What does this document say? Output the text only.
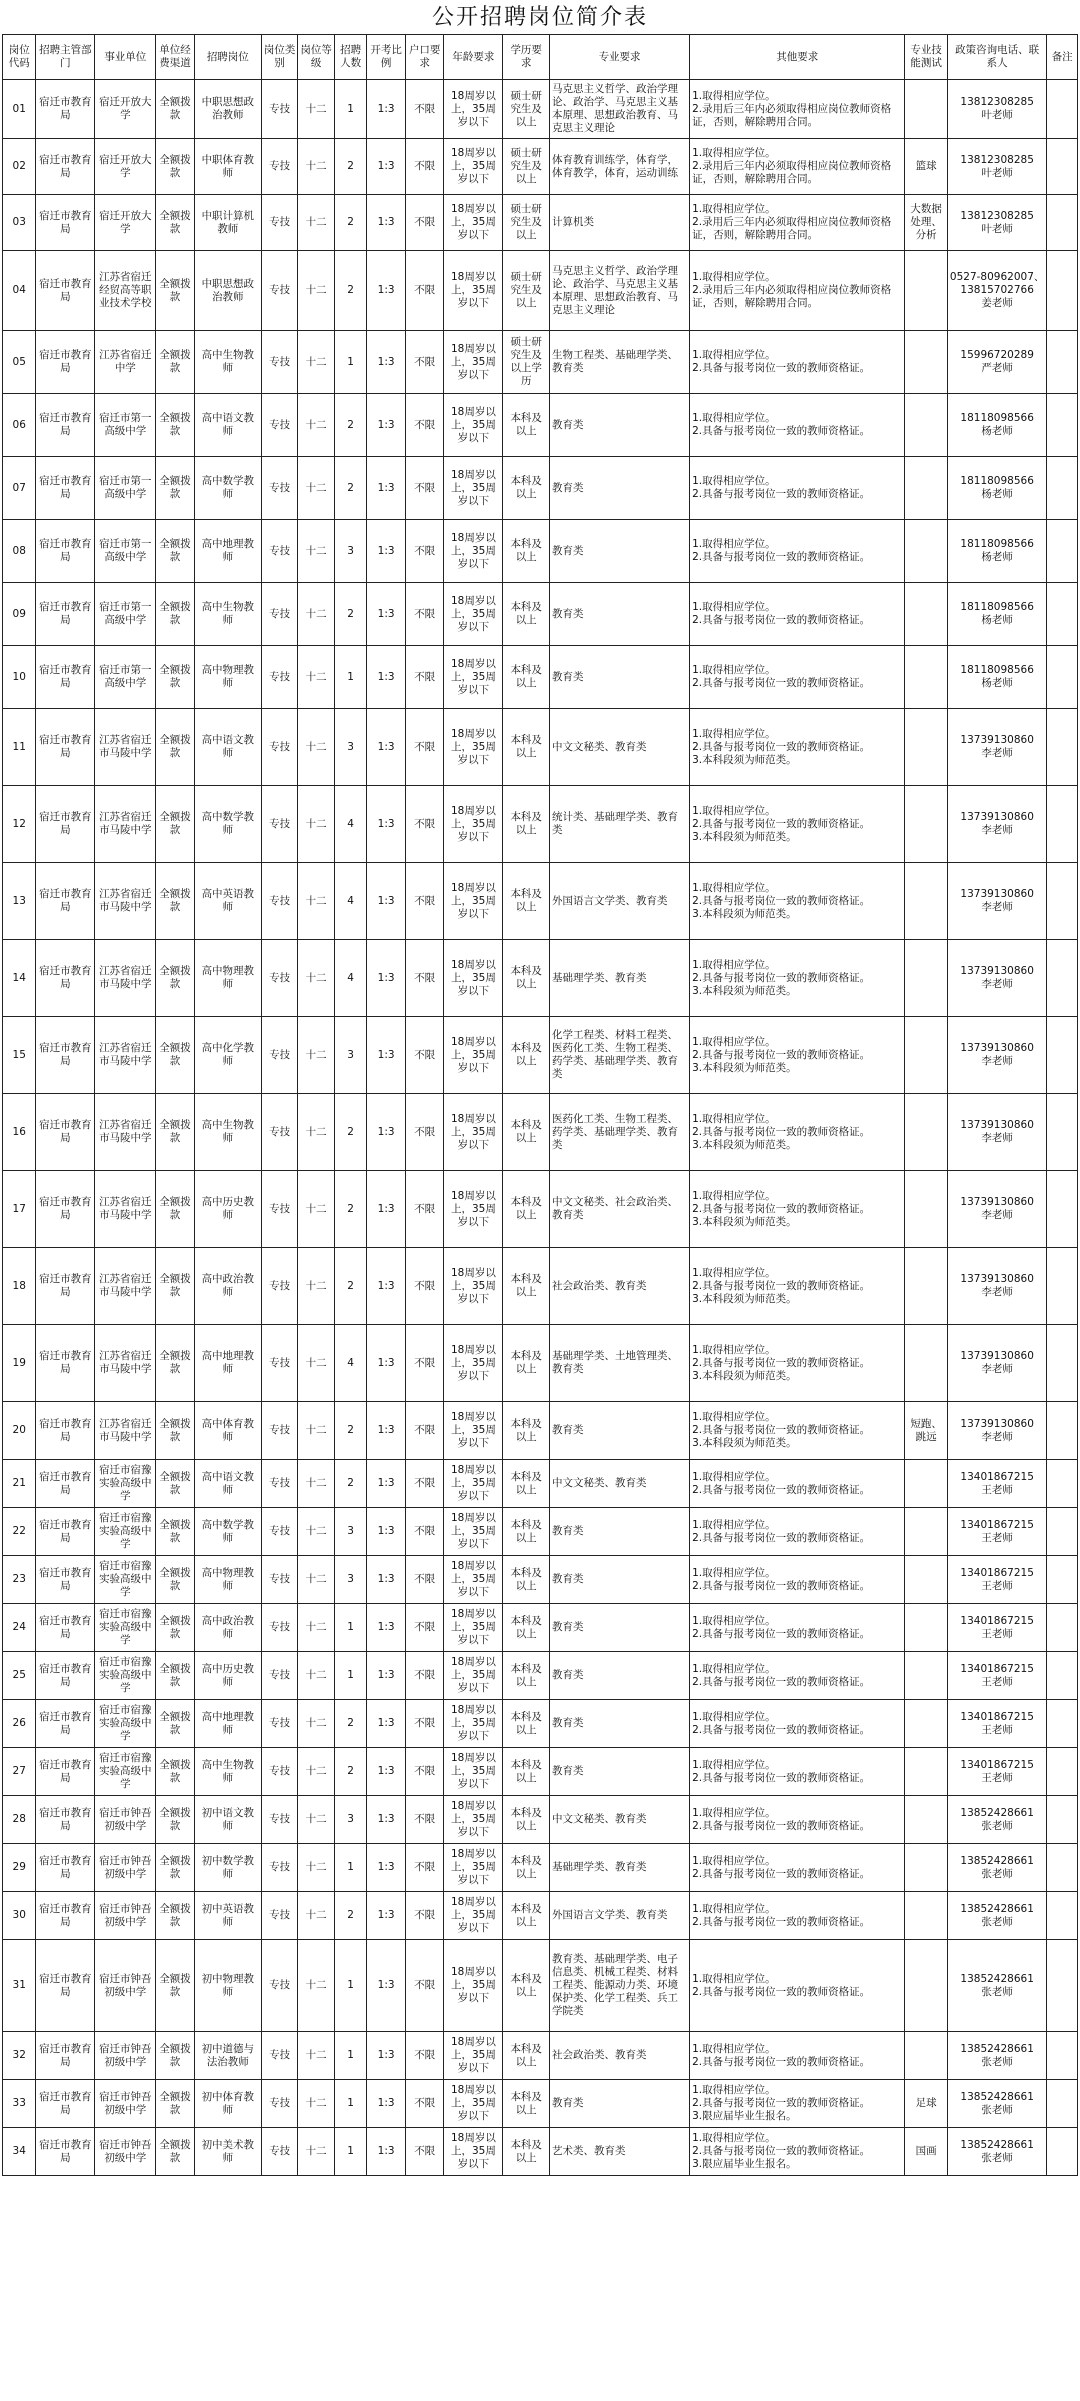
公开招聘岗位简介表
岗位代码	招聘主管部门	事业单位	单位经费渠道	招聘岗位	岗位类别	岗位等级	招聘人数	开考比例	户口要求	年龄要求	学历要求	专业要求	其他要求	专业技能测试	政策咨询电话、联系人	备注
01	宿迁市教育局	宿迁开放大学	全额拨款	中职思想政治教师	专技	十二	1	1:3	不限	18周岁以上，35周岁以下	硕士研究生及以上	马克思主义哲学、政治学理论、政治学、马克思主义基本原理、思想政治教育、马克思主义理论	1.取得相应学位。
2.录用后三年内必须取得相应岗位教师资格证，否则，解除聘用合同。		13812308285
叶老师	
02	宿迁市教育局	宿迁开放大学	全额拨款	中职体育教师	专技	十二	2	1:3	不限	18周岁以上，35周岁以下	硕士研究生及以上	体育教育训练学，体育学，体育教学，体育，运动训练	1.取得相应学位。
2.录用后三年内必须取得相应岗位教师资格证，否则，解除聘用合同。	篮球	13812308285
叶老师	
03	宿迁市教育局	宿迁开放大学	全额拨款	中职计算机教师	专技	十二	2	1:3	不限	18周岁以上，35周岁以下	硕士研究生及以上	计算机类	1.取得相应学位。
2.录用后三年内必须取得相应岗位教师资格证，否则，解除聘用合同。	大数据处理、分析	13812308285
叶老师	
04	宿迁市教育局	江苏省宿迁经贸高等职业技术学校	全额拨款	中职思想政治教师	专技	十二	2	1:3	不限	18周岁以上，35周岁以下	硕士研究生及以上	马克思主义哲学、政治学理论、政治学、马克思主义基本原理、思想政治教育、马克思主义理论	1.取得相应学位。
2.录用后三年内必须取得相应岗位教师资格证，否则，解除聘用合同。		0527-80962007、13815702766
姜老师	
05	宿迁市教育局	江苏省宿迁中学	全额拨款	高中生物教师	专技	十二	1	1:3	不限	18周岁以上，35周岁以下	硕士研究生及以上学历	生物工程类、基础理学类、教育类	1.取得相应学位。
2.具备与报考岗位一致的教师资格证。		15996720289
严老师	
06	宿迁市教育局	宿迁市第一高级中学	全额拨款	高中语文教师	专技	十二	2	1:3	不限	18周岁以上，35周岁以下	本科及以上	教育类	1.取得相应学位。
2.具备与报考岗位一致的教师资格证。		18118098566
杨老师	
07	宿迁市教育局	宿迁市第一高级中学	全额拨款	高中数学教师	专技	十二	2	1:3	不限	18周岁以上，35周岁以下	本科及以上	教育类	1.取得相应学位。
2.具备与报考岗位一致的教师资格证。		18118098566
杨老师	
08	宿迁市教育局	宿迁市第一高级中学	全额拨款	高中地理教师	专技	十二	3	1:3	不限	18周岁以上，35周岁以下	本科及以上	教育类	1.取得相应学位。
2.具备与报考岗位一致的教师资格证。		18118098566
杨老师	
09	宿迁市教育局	宿迁市第一高级中学	全额拨款	高中生物教师	专技	十二	2	1:3	不限	18周岁以上，35周岁以下	本科及以上	教育类	1.取得相应学位。
2.具备与报考岗位一致的教师资格证。		18118098566
杨老师	
10	宿迁市教育局	宿迁市第一高级中学	全额拨款	高中物理教师	专技	十二	1	1:3	不限	18周岁以上，35周岁以下	本科及以上	教育类	1.取得相应学位。
2.具备与报考岗位一致的教师资格证。		18118098566
杨老师	
11	宿迁市教育局	江苏省宿迁市马陵中学	全额拨款	高中语文教师	专技	十二	3	1:3	不限	18周岁以上，35周岁以下	本科及以上	中文文秘类、教育类	1.取得相应学位。
2.具备与报考岗位一致的教师资格证。
3.本科段须为师范类。		13739130860
李老师	
12	宿迁市教育局	江苏省宿迁市马陵中学	全额拨款	高中数学教师	专技	十二	4	1:3	不限	18周岁以上，35周岁以下	本科及以上	统计类、基础理学类、教育类	1.取得相应学位。
2.具备与报考岗位一致的教师资格证。
3.本科段须为师范类。		13739130860
李老师	
13	宿迁市教育局	江苏省宿迁市马陵中学	全额拨款	高中英语教师	专技	十二	4	1:3	不限	18周岁以上，35周岁以下	本科及以上	外国语言文学类、教育类	1.取得相应学位。
2.具备与报考岗位一致的教师资格证。
3.本科段须为师范类。		13739130860
李老师	
14	宿迁市教育局	江苏省宿迁市马陵中学	全额拨款	高中物理教师	专技	十二	4	1:3	不限	18周岁以上，35周岁以下	本科及以上	基础理学类、教育类	1.取得相应学位。
2.具备与报考岗位一致的教师资格证。
3.本科段须为师范类。		13739130860
李老师	
15	宿迁市教育局	江苏省宿迁市马陵中学	全额拨款	高中化学教师	专技	十二	3	1:3	不限	18周岁以上，35周岁以下	本科及以上	化学工程类、材料工程类、医药化工类、生物工程类、药学类、基础理学类、教育类	1.取得相应学位。
2.具备与报考岗位一致的教师资格证。
3.本科段须为师范类。		13739130860
李老师	
16	宿迁市教育局	江苏省宿迁市马陵中学	全额拨款	高中生物教师	专技	十二	2	1:3	不限	18周岁以上，35周岁以下	本科及以上	医药化工类、生物工程类、药学类、基础理学类、教育类	1.取得相应学位。
2.具备与报考岗位一致的教师资格证。
3.本科段须为师范类。		13739130860
李老师	
17	宿迁市教育局	江苏省宿迁市马陵中学	全额拨款	高中历史教师	专技	十二	2	1:3	不限	18周岁以上，35周岁以下	本科及以上	中文文秘类、社会政治类、教育类	1.取得相应学位。
2.具备与报考岗位一致的教师资格证。
3.本科段须为师范类。		13739130860
李老师	
18	宿迁市教育局	江苏省宿迁市马陵中学	全额拨款	高中政治教师	专技	十二	2	1:3	不限	18周岁以上，35周岁以下	本科及以上	社会政治类、教育类	1.取得相应学位。
2.具备与报考岗位一致的教师资格证。
3.本科段须为师范类。		13739130860
李老师	
19	宿迁市教育局	江苏省宿迁市马陵中学	全额拨款	高中地理教师	专技	十二	4	1:3	不限	18周岁以上，35周岁以下	本科及以上	基础理学类、土地管理类、教育类	1.取得相应学位。
2.具备与报考岗位一致的教师资格证。
3.本科段须为师范类。		13739130860
李老师	
20	宿迁市教育局	江苏省宿迁市马陵中学	全额拨款	高中体育教师	专技	十二	2	1:3	不限	18周岁以上，35周岁以下	本科及以上	教育类	1.取得相应学位。
2.具备与报考岗位一致的教师资格证。
3.本科段须为师范类。	短跑、跳远	13739130860
李老师	
21	宿迁市教育局	宿迁市宿豫实验高级中学	全额拨款	高中语文教师	专技	十二	2	1:3	不限	18周岁以上，35周岁以下	本科及以上	中文文秘类、教育类	1.取得相应学位。
2.具备与报考岗位一致的教师资格证。		13401867215
王老师	
22	宿迁市教育局	宿迁市宿豫实验高级中学	全额拨款	高中数学教师	专技	十二	3	1:3	不限	18周岁以上，35周岁以下	本科及以上	教育类	1.取得相应学位。
2.具备与报考岗位一致的教师资格证。		13401867215
王老师	
23	宿迁市教育局	宿迁市宿豫实验高级中学	全额拨款	高中物理教师	专技	十二	3	1:3	不限	18周岁以上，35周岁以下	本科及以上	教育类	1.取得相应学位。
2.具备与报考岗位一致的教师资格证。		13401867215
王老师	
24	宿迁市教育局	宿迁市宿豫实验高级中学	全额拨款	高中政治教师	专技	十二	1	1:3	不限	18周岁以上，35周岁以下	本科及以上	教育类	1.取得相应学位。
2.具备与报考岗位一致的教师资格证。		13401867215
王老师	
25	宿迁市教育局	宿迁市宿豫实验高级中学	全额拨款	高中历史教师	专技	十二	1	1:3	不限	18周岁以上，35周岁以下	本科及以上	教育类	1.取得相应学位。
2.具备与报考岗位一致的教师资格证。		13401867215
王老师	
26	宿迁市教育局	宿迁市宿豫实验高级中学	全额拨款	高中地理教师	专技	十二	2	1:3	不限	18周岁以上，35周岁以下	本科及以上	教育类	1.取得相应学位。
2.具备与报考岗位一致的教师资格证。		13401867215
王老师	
27	宿迁市教育局	宿迁市宿豫实验高级中学	全额拨款	高中生物教师	专技	十二	2	1:3	不限	18周岁以上，35周岁以下	本科及以上	教育类	1.取得相应学位。
2.具备与报考岗位一致的教师资格证。		13401867215
王老师	
28	宿迁市教育局	宿迁市钟吾初级中学	全额拨款	初中语文教师	专技	十二	3	1:3	不限	18周岁以上，35周岁以下	本科及以上	中文文秘类、教育类	1.取得相应学位。
2.具备与报考岗位一致的教师资格证。		13852428661
张老师	
29	宿迁市教育局	宿迁市钟吾初级中学	全额拨款	初中数学教师	专技	十二	1	1:3	不限	18周岁以上，35周岁以下	本科及以上	基础理学类、教育类	1.取得相应学位。
2.具备与报考岗位一致的教师资格证。		13852428661
张老师	
30	宿迁市教育局	宿迁市钟吾初级中学	全额拨款	初中英语教师	专技	十二	2	1:3	不限	18周岁以上，35周岁以下	本科及以上	外国语言文学类、教育类	1.取得相应学位。
2.具备与报考岗位一致的教师资格证。		13852428661
张老师	
31	宿迁市教育局	宿迁市钟吾初级中学	全额拨款	初中物理教师	专技	十二	1	1:3	不限	18周岁以上，35周岁以下	本科及以上	教育类、基础理学类、电子信息类、机械工程类、材料工程类、能源动力类、环境保护类、化学工程类、兵工学院类	1.取得相应学位。
2.具备与报考岗位一致的教师资格证。		13852428661
张老师	
32	宿迁市教育局	宿迁市钟吾初级中学	全额拨款	初中道德与法治教师	专技	十二	1	1:3	不限	18周岁以上，35周岁以下	本科及以上	社会政治类、教育类	1.取得相应学位。
2.具备与报考岗位一致的教师资格证。		13852428661
张老师	
33	宿迁市教育局	宿迁市钟吾初级中学	全额拨款	初中体育教师	专技	十二	1	1:3	不限	18周岁以上，35周岁以下	本科及以上	教育类	1.取得相应学位。
2.具备与报考岗位一致的教师资格证。
3.限应届毕业生报名。	足球	13852428661
张老师	
34	宿迁市教育局	宿迁市钟吾初级中学	全额拨款	初中美术教师	专技	十二	1	1:3	不限	18周岁以上，35周岁以下	本科及以上	艺术类、教育类	1.取得相应学位。
2.具备与报考岗位一致的教师资格证。
3.限应届毕业生报名。	国画	13852428661
张老师	
